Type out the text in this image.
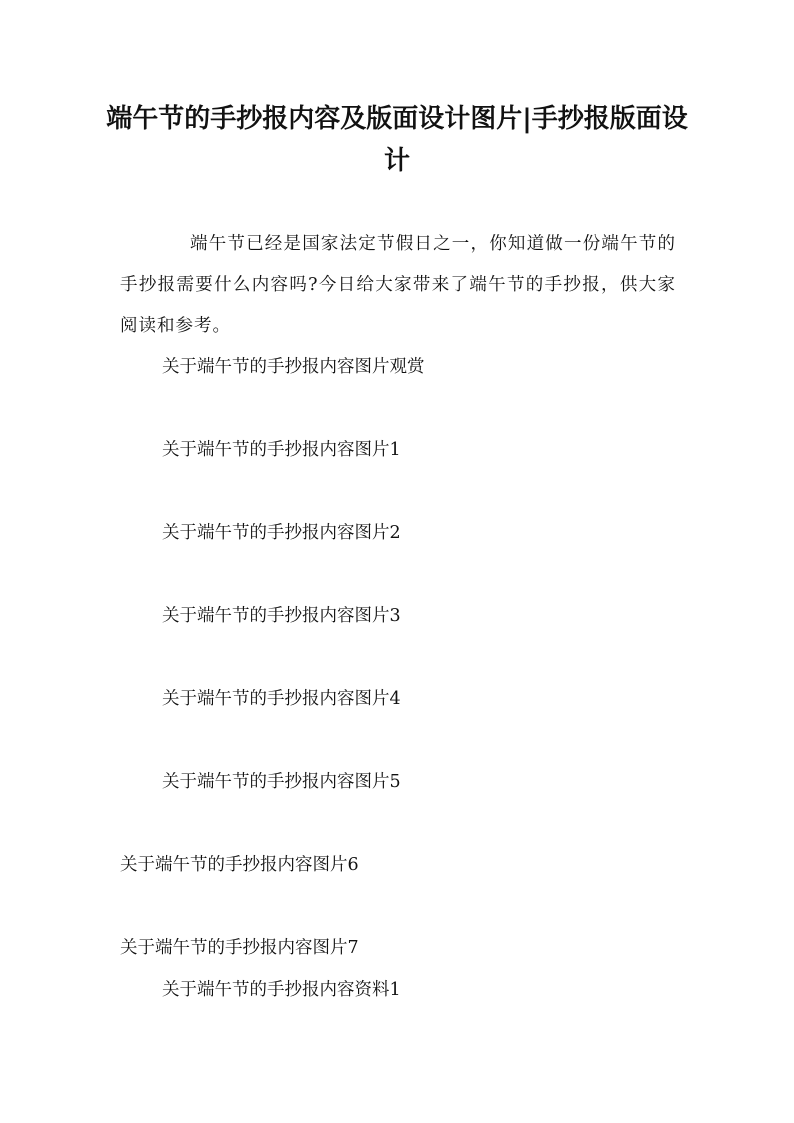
端午节的手抄报内容及版面设计图片|手抄报版面设计

端午节已经是国家法定节假日之一，你知道做一份端午节的手抄报需要什么内容吗?今日给大家带来了端午节的手抄报，供大家阅读和参考。

关于端午节的手抄报内容图片观赏

关于端午节的手抄报内容图片1

关于端午节的手抄报内容图片2

关于端午节的手抄报内容图片3

关于端午节的手抄报内容图片4

关于端午节的手抄报内容图片5

关于端午节的手抄报内容图片6

关于端午节的手抄报内容图片7

关于端午节的手抄报内容资料1
